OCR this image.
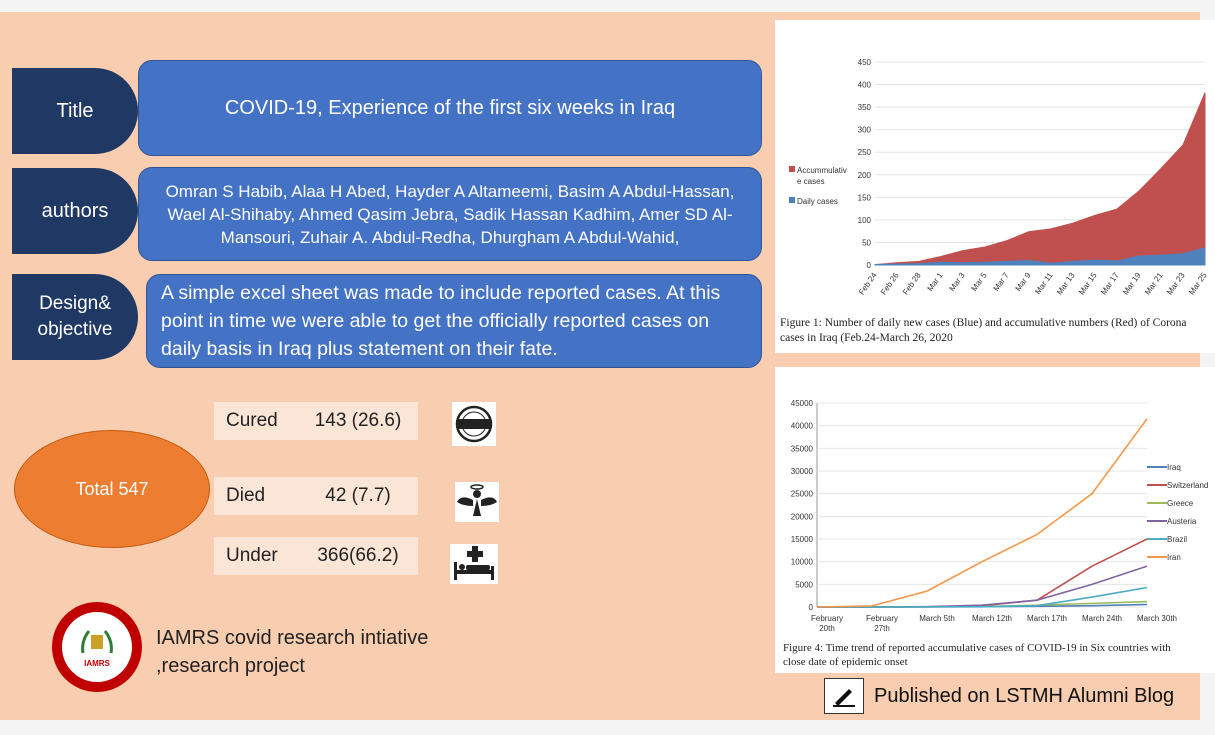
Title
authors
Design& objective
COVID-19, Experience of the first six weeks in Iraq
Omran S Habib, Alaa H Abed, Hayder A Altameemi, Basim A Abdul-Hassan, Wael Al-Shihaby, Ahmed Qasim Jebra, Sadik Hassan Kadhim, Amer SD Al-Mansouri, Zuhair A. Abdul-Redha, Dhurgham A Abdul-Wahid,
A simple excel sheet was made to include reported cases. At this point in time we were able to get the officially reported cases on daily basis in Iraq plus statement on their fate.
Total 547
Cured	143 (26.6)
Died	42 (7.7)
Under	366(66.2)
IAMRS
IAMRS covid research intiative
,research project
0
50
100
150
200
250
300
350
400
450
Feb 24 Feb 26 Feb 28 Mar 1 Mar 3 Mar 5 Mar 7 Mar 9 Mar 11 Mar 13 Mar 15 Mar 17 Mar 19 Mar 21 Mar 23 Mar 25
Accummulativ
e cases
Daily cases
Figure 1: Number of daily new cases (Blue) and accumulative numbers (Red) of Corona cases in Iraq (Feb.24-March 26, 2020
0
5000
10000
15000
20000
25000
30000
35000
40000
45000
February
20th
February
27th
March 5th March 12th March 17th March 24th March 30th
Iraq
Switzerland
Greece
Austeria
Brazil
Iran
Figure 4: Time trend of reported accumulative cases of COVID-19 in Six countries with close date of epidemic onset
Published on LSTMH Alumni Blog
